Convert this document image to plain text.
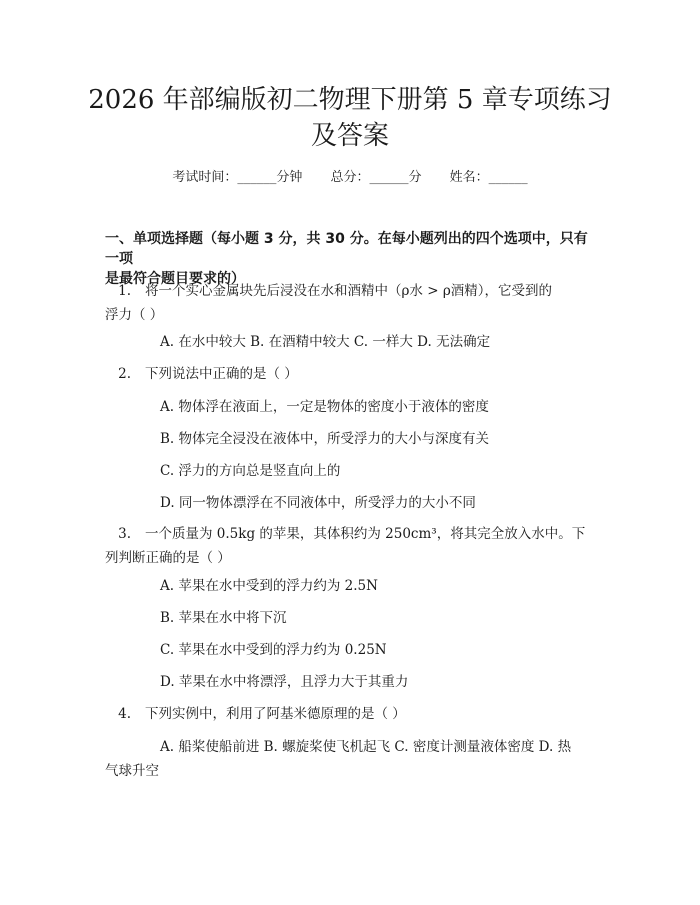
2026 年部编版初二物理下册第 5 章专项练习
及答案
考试时间：______分钟 总分：______分 姓名：______
一、单项选择题（每小题 3 分，共 30 分。在每小题列出的四个选项中，只有一项
是最符合题目要求的）
1. 将一个实心金属块先后浸没在水和酒精中（ρ水 > ρ酒精），它受到的
浮力（ ）
A. 在水中较大 B. 在酒精中较大 C. 一样大 D. 无法确定
2. 下列说法中正确的是（ ）
A. 物体浮在液面上，一定是物体的密度小于液体的密度
B. 物体完全浸没在液体中，所受浮力的大小与深度有关
C. 浮力的方向总是竖直向上的
D. 同一物体漂浮在不同液体中，所受浮力的大小不同
3. 一个质量为 0.5kg 的苹果，其体积约为 250cm³，将其完全放入水中。下
列判断正确的是（ ）
A. 苹果在水中受到的浮力约为 2.5N
B. 苹果在水中将下沉
C. 苹果在水中受到的浮力约为 0.25N
D. 苹果在水中将漂浮，且浮力大于其重力
4. 下列实例中，利用了阿基米德原理的是（ ）
A. 船桨使船前进 B. 螺旋桨使飞机起飞 C. 密度计测量液体密度 D. 热
气球升空
